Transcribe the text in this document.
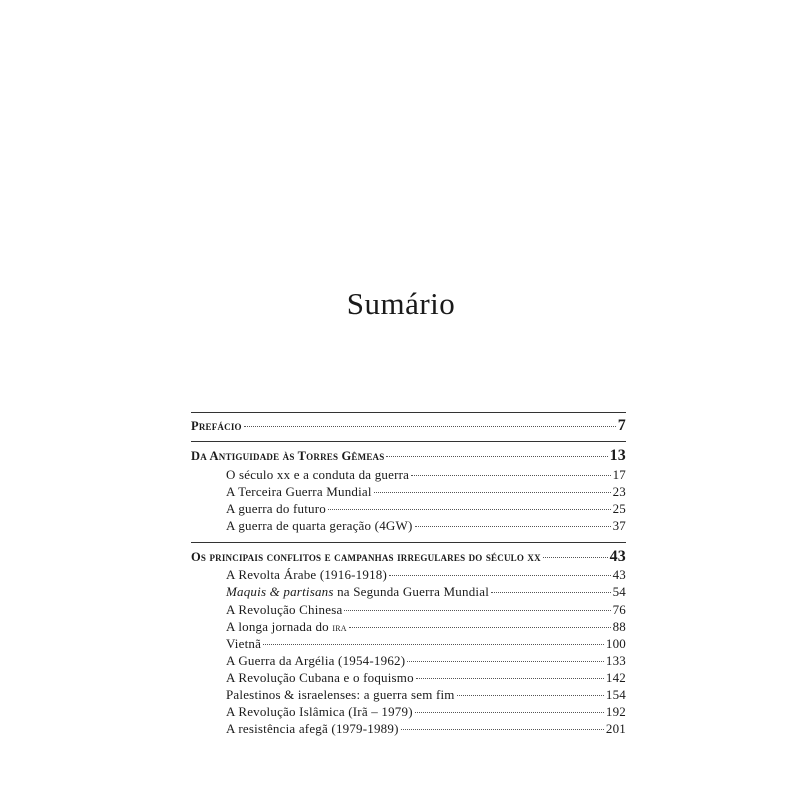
Sumário
Prefácio	7
Da Antiguidade às Torres Gêmeas	13
O século xx e a conduta da guerra	17
A Terceira Guerra Mundial	23
A guerra do futuro	25
A guerra de quarta geração (4GW)	37
Os principais conflitos e campanhas irregulares do século xx	43
A Revolta Árabe (1916-1918)	43
Maquis & partisans na Segunda Guerra Mundial	54
A Revolução Chinesa	76
A longa jornada do ira	88
Vietnã	100
A Guerra da Argélia (1954-1962)	133
A Revolução Cubana e o foquismo	142
Palestinos & israelenses: a guerra sem fim	154
A Revolução Islâmica (Irã – 1979)	192
A resistência afegã (1979-1989)	201
